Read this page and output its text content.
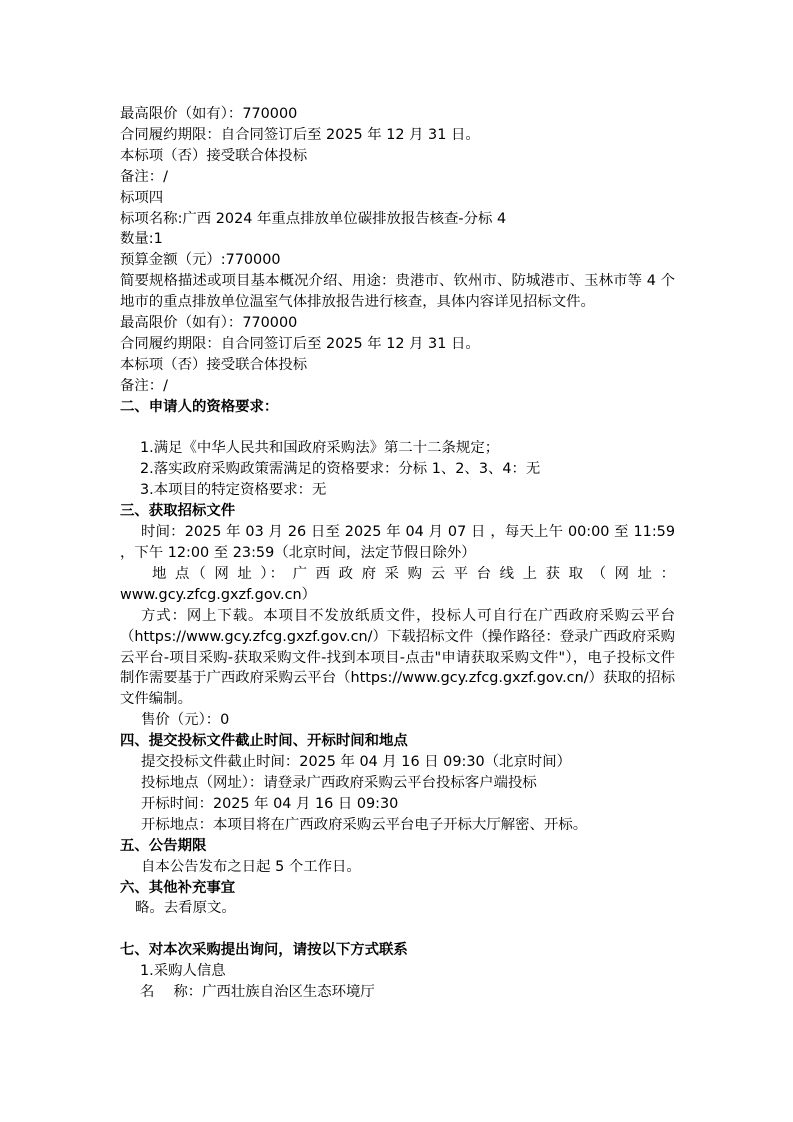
最高限价（如有）：770000
合同履约期限：自合同签订后至 2025 年 12 月 31 日。
本标项（否）接受联合体投标
备注：/
标项四
标项名称:广西 2024 年重点排放单位碳排放报告核查-分标 4
数量:1
预算金额（元）:770000
简要规格描述或项目基本概况介绍、用途：贵港市、钦州市、防城港市、玉林市等 4 个地市的重点排放单位温室气体排放报告进行核查，具体内容详见招标文件。
最高限价（如有）：770000
合同履约期限：自合同签订后至 2025 年 12 月 31 日。
本标项（否）接受联合体投标
备注：/
二、申请人的资格要求：
1.满足《中华人民共和国政府采购法》第二十二条规定；
2.落实政府采购政策需满足的资格要求：分标 1、2、3、4：无
3.本项目的特定资格要求：无
三、获取招标文件
时间：2025 年 03 月 26 日至 2025 年 04 月 07 日 ，每天上午 00:00 至 11:59 ，下午 12:00 至 23:59（北京时间，法定节假日除外）
地 点（ 网 址 ）： 广 西 政 府 采 购 云 平 台 线 上 获 取 （ 网 址 ：
www.gcy.zfcg.gxzf.gov.cn）
方式：网上下载。本项目不发放纸质文件，投标人可自行在广西政府采购云平台（https://www.gcy.zfcg.gxzf.gov.cn/）下载招标文件（操作路径：登录广西政府采购云平台-项目采购-获取采购文件-找到本项目-点击"申请获取采购文件"），电子投标文件制作需要基于广西政府采购云平台（https://www.gcy.zfcg.gxzf.gov.cn/）获取的招标文件编制。
售价（元）：0
四、提交投标文件截止时间、开标时间和地点
提交投标文件截止时间：2025 年 04 月 16 日 09:30（北京时间）
投标地点（网址）：请登录广西政府采购云平台投标客户端投标
开标时间：2025 年 04 月 16 日 09:30
开标地点：本项目将在广西政府采购云平台电子开标大厅解密、开标。
五、公告期限
自本公告发布之日起 5 个工作日。
六、其他补充事宜
略。去看原文。
七、对本次采购提出询问，请按以下方式联系
1.采购人信息
名　 称：广西壮族自治区生态环境厅
